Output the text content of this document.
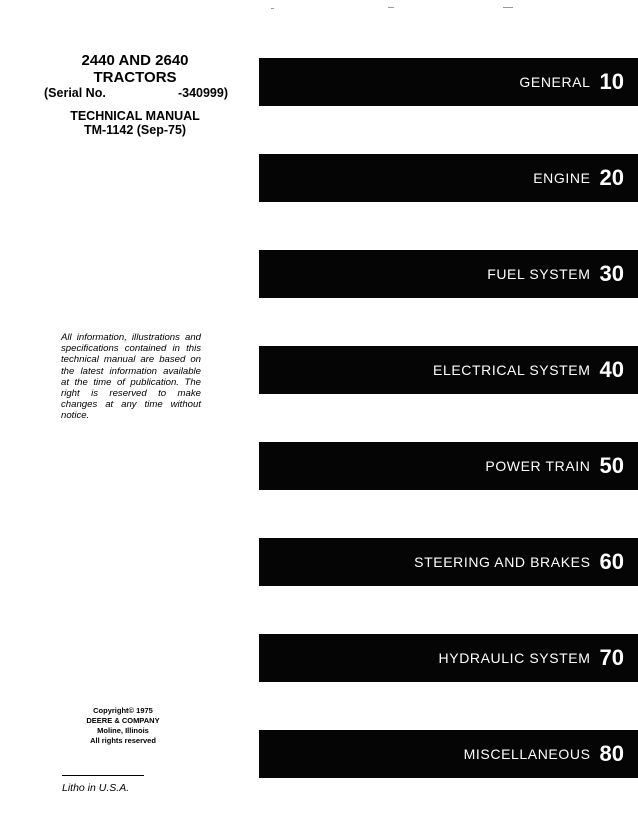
2440 AND 2640
TRACTORS
(Serial No.	-340999)
TECHNICAL MANUAL
TM-1142 (Sep-75)
All information, illustrations and specifications contained in this technical manual are based on the latest information available at the time of publication. The right is reserved to make changes at any time without notice.
Copyright© 1975
DEERE & COMPANY
Moline, Illinois
All rights reserved
Litho in U.S.A.
GENERAL 10
ENGINE 20
FUEL SYSTEM 30
ELECTRICAL SYSTEM 40
POWER TRAIN 50
STEERING AND BRAKES 60
HYDRAULIC SYSTEM 70
MISCELLANEOUS 80
